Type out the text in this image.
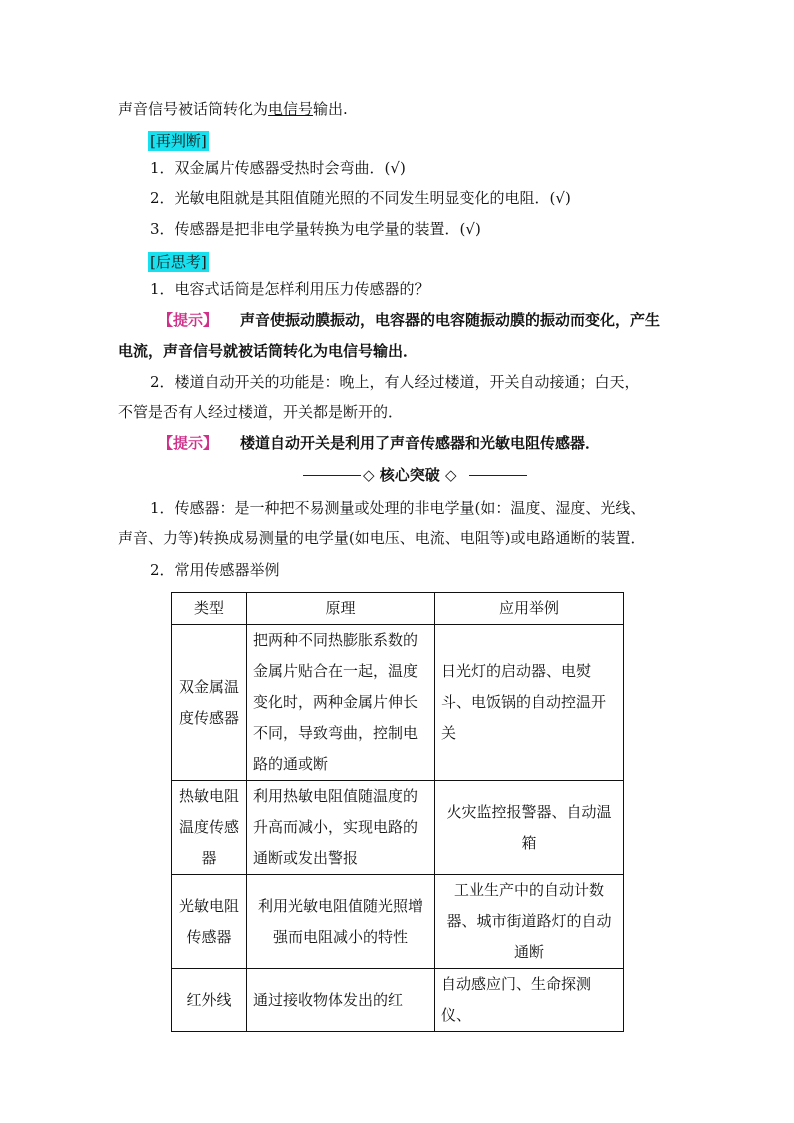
声音信号被话筒转化为电信号输出.
[再判断]
1．双金属片传感器受热时会弯曲．(√)
2．光敏电阻就是其阻值随光照的不同发生明显变化的电阻．(√)
3．传感器是把非电学量转换为电学量的装置．(√)
[后思考]
1．电容式话筒是怎样利用压力传感器的？
【提示】 声音使振动膜振动，电容器的电容随振动膜的振动而变化，产生
电流，声音信号就被话筒转化为电信号输出．
2．楼道自动开关的功能是：晚上，有人经过楼道，开关自动接通；白天，
不管是否有人经过楼道，开关都是断开的．
【提示】 楼道自动开关是利用了声音传感器和光敏电阻传感器．
◇ 核心突破 ◇
1．传感器：是一种把不易测量或处理的非电学量(如：温度、湿度、光线、
声音、力等)转换成易测量的电学量(如电压、电流、电阻等)或电路通断的装置．
2．常用传感器举例
类型	原理	应用举例
双金属温度传感器	把两种不同热膨胀系数的金属片贴合在一起，温度变化时，两种金属片伸长不同，导致弯曲，控制电路的通或断	日光灯的启动器、电熨斗、电饭锅的自动控温开关
热敏电阻温度传感器	利用热敏电阻值随温度的升高而减小，实现电路的通断或发出警报	火灾监控报警器、自动温箱
光敏电阻传感器	利用光敏电阻值随光照增强而电阻减小的特性	工业生产中的自动计数器、城市街道路灯的自动通断
红外线	通过接收物体发出的红	自动感应门、生命探测仪、
